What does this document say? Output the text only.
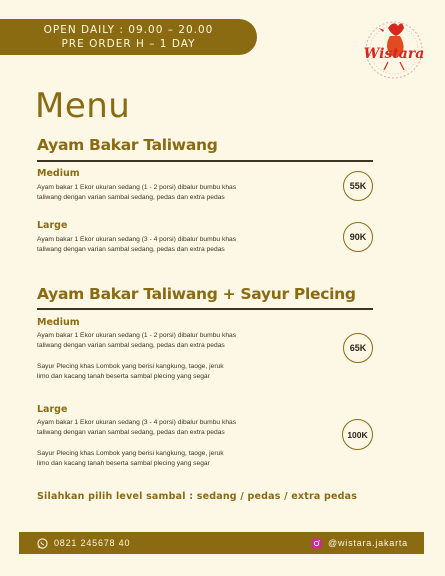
OPEN DAILY : 09.00 – 20.00
PRE ORDER H – 1 DAY
Wistara
Menu
Ayam Bakar Taliwang
Medium
Ayam bakar 1 Ekor ukuran sedang (1 - 2 porsi) dibalur bumbu khas taliwang dengan varian sambal sedang, pedas dan extra pedas
55K
Large
Ayam bakar 1 Ekor ukuran sedang (3 - 4 porsi) dibalur bumbu khas taliwang dengan varian sambal sedang, pedas dan extra pedas
90K
Ayam Bakar Taliwang + Sayur Plecing
Medium
Ayam bakar 1 Ekor ukuran sedang (1 - 2 porsi) dibalur bumbu khas taliwang dengan varian sambal sedang, pedas dan extra pedas
Sayur Plecing khas Lombok yang berisi kangkung, taoge, jeruk limo dan kacang tanah beserta sambal plecing yang segar
65K
Large
Ayam bakar 1 Ekor ukuran sedang (3 - 4 porsi) dibalur bumbu khas taliwang dengan varian sambal sedang, pedas dan extra pedas
Sayur Plecing khas Lombok yang berisi kangkung, taoge, jeruk limo dan kacang tanah beserta sambal plecing yang segar
100K
Silahkan pilih level sambal : sedang / pedas / extra pedas
0821 245678 40	@wistara.jakarta
